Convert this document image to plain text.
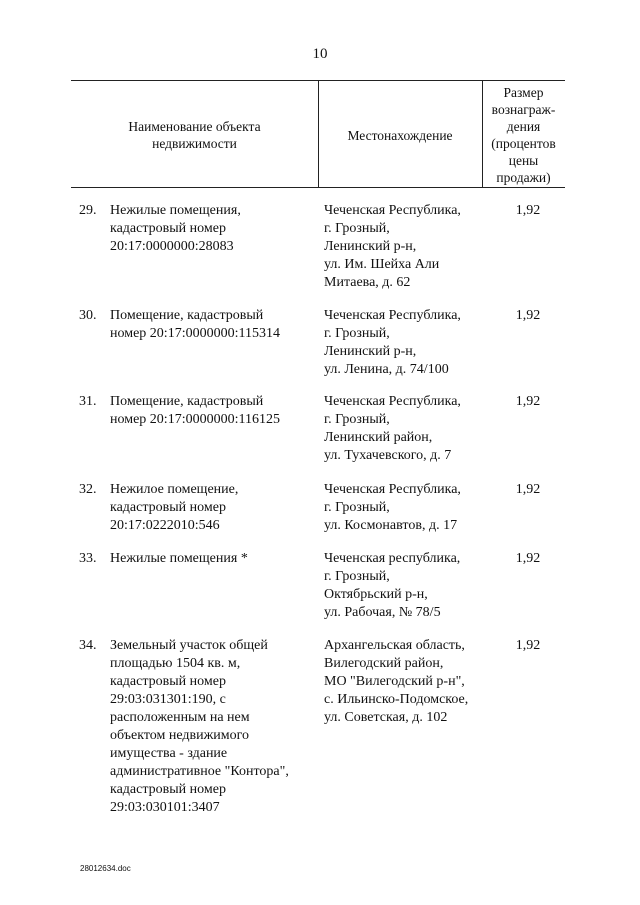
10
Наименование объекта
недвижимости
Местонахождение
Размер
вознаграж-
дения
(процентов
цены
продажи)
29. Нежилые помещения,
кадастровый номер
20:17:0000000:28083
Чеченская Республика,
г. Грозный,
Ленинский р-н,
ул. Им. Шейха Али
Митаева, д. 62
1,92
30. Помещение, кадастровый
номер 20:17:0000000:115314
Чеченская Республика,
г. Грозный,
Ленинский р-н,
ул. Ленина, д. 74/100
1,92
31. Помещение, кадастровый
номер 20:17:0000000:116125
Чеченская Республика,
г. Грозный,
Ленинский район,
ул. Тухачевского, д. 7
1,92
32. Нежилое помещение,
кадастровый номер
20:17:0222010:546
Чеченская Республика,
г. Грозный,
ул. Космонавтов, д. 17
1,92
33. Нежилые помещения *	Чеченская республика,
г. Грозный,
Октябрьский р-н,
ул. Рабочая, № 78/5
1,92
34. Земельный участок общей
площадью 1504 кв. м,
кадастровый номер
29:03:031301:190, с
расположенным на нем
объектом недвижимого
имущества - здание
административное "Контора",
кадастровый номер
29:03:030101:3407
Архангельская область,
Вилегодский район,
МО "Вилегодский р-н",
с. Ильинско-Подомское,
ул. Советская, д. 102
1,92
28012634.doc
